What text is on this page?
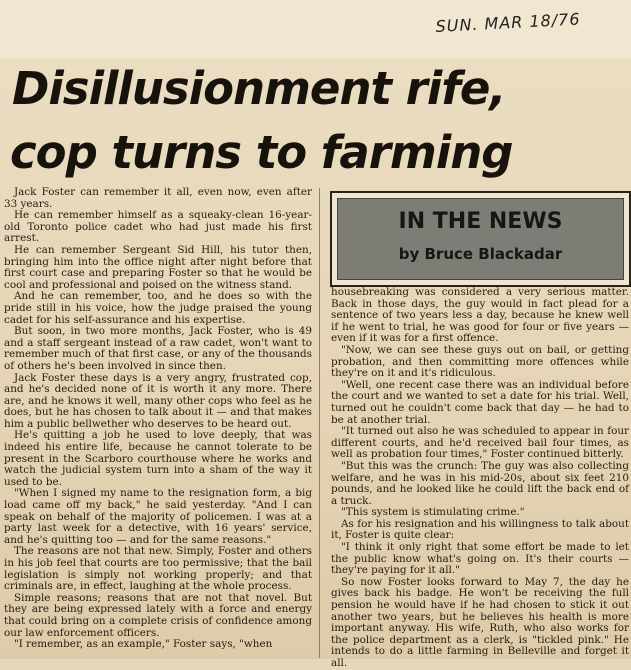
SUN. MAR 18/76
Disillusionment rife,
cop turns to farming

Jack Foster can remember it all, even now, even after 33 years.

He can remember himself as a squeaky-clean 16-year-old Toronto police cadet who had just made his first arrest.

He can remember Sergeant Sid Hill, his tutor then, bringing him into the office night after night before that first court case and preparing Foster so that he would be cool and professional and poised on the witness stand.

And he can remember, too, and he does so with the pride still in his voice, how the judge praised the young cadet for his self-assurance and his expertise.

But soon, in two more months, Jack Foster, who is 49 and a staff sergeant instead of a raw cadet, won't want to remember much of that first case, or any of the thousands of others he's been involved in since then.

Jack Foster these days is a very angry, frustrated cop, and he's decided none of it is worth it any more. There are, and he knows it well, many other cops who feel as he does, but he has chosen to talk about it — and that makes him a public bellwether who deserves to be heard out.

He's quitting a job he used to love deeply, that was indeed his entire life, because he cannot tolerate to be present in the Scarboro courthouse where he works and watch the judicial system turn into a sham of the way it used to be.

"When I signed my name to the resignation form, a big load came off my back," he said yesterday. "And I can speak on behalf of the majority of policemen. I was at a party last week for a detective, with 16 years' service, and he's quitting too — and for the same reasons."

The reasons are not that new. Simply, Foster and others in his job feel that courts are too permissive; that the bail legislation is simply not working properly; and that criminals are, in effect, laughing at the whole process.

Simple reasons; reasons that are not that novel. But they are being expressed lately with a force and energy that could bring on a complete crisis of confidence among our law enforcement officers.

"I remember, as an example," Foster says, "when

IN THE NEWS
by Bruce Blackadar

housebreaking was considered a very serious matter. Back in those days, the guy would in fact plead for a sentence of two years less a day, because he knew well if he went to trial, he was good for four or five years — even if it was for a first offence.

"Now, we can see these guys out on bail, or getting probation, and then committing more offences while they're on it and it's ridiculous.

"Well, one recent case there was an individual before the court and we wanted to set a date for his trial. Well, turned out he couldn't come back that day — he had to be at another trial.

"It turned out also he was scheduled to appear in four different courts, and he'd received bail four times, as well as probation four times," Foster continued bitterly.

"But this was the crunch: The guy was also collecting welfare, and he was in his mid-20s, about six feet 210 pounds, and he looked like he could lift the back end of a truck.

"This system is stimulating crime."

As for his resignation and his willingness to talk about it, Foster is quite clear:

"I think it only right that some effort be made to let the public know what's going on. It's their courts — they're paying for it all."

So now Foster looks forward to May 7, the day he gives back his badge. He won't be receiving the full pension he would have if he had chosen to stick it out another two years, but he believes his health is more important anyway. His wife, Ruth, who also works for the police department as a clerk, is "tickled pink." He intends to do a little farming in Belleville and forget it all.
